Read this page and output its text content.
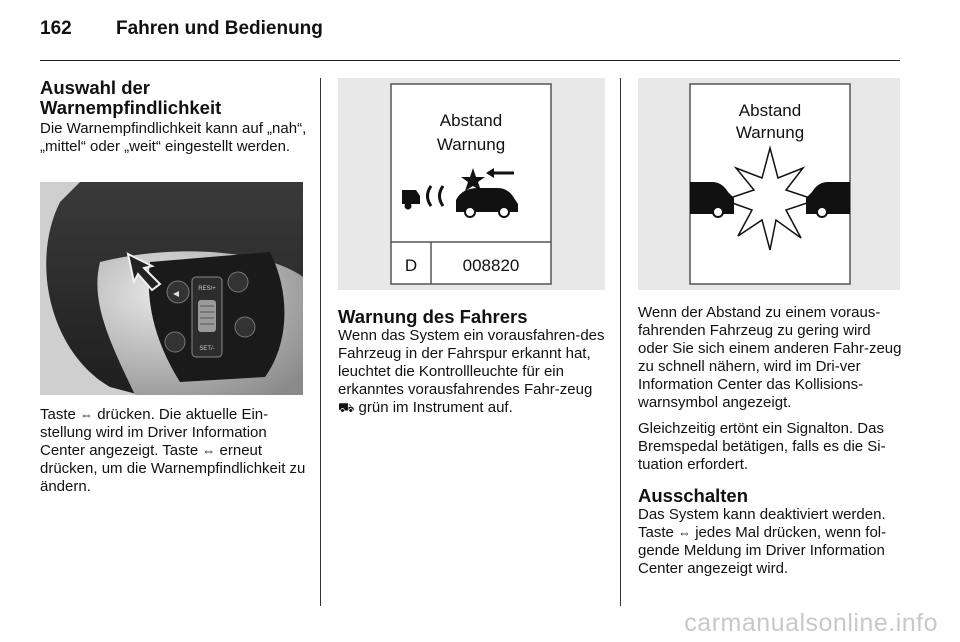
162	Fahren und Bedienung

Auswahl der Warnempfindlichkeit

Die Warnempfindlichkeit kann auf „nah“, „mittel“ oder „weit“ eingestellt werden.

RES/+
SET/-

Taste ⇔ drücken. Die aktuelle Ein-stellung wird im Driver Information Center angezeigt. Taste ⇔ erneut drücken, um die Warnempfindlichkeit zu ändern.

Abstand
Warnung
D	008820

Warnung des Fahrers

Wenn das System ein vorausfahren-des Fahrzeug in der Fahrspur erkannt hat, leuchtet die Kontrollleuchte für ein erkanntes vorausfahrendes Fahr-zeug ⛟ grün im Instrument auf.

Abstand
Warnung

Wenn der Abstand zu einem voraus-fahrenden Fahrzeug zu gering wird oder Sie sich einem anderen Fahr-zeug zu schnell nähern, wird im Dri-ver Information Center das Kollisions-warnsymbol angezeigt.

Gleichzeitig ertönt ein Signalton. Das Bremspedal betätigen, falls es die Si-tuation erfordert.

Ausschalten

Das System kann deaktiviert werden. Taste ⇔ jedes Mal drücken, wenn fol-gende Meldung im Driver Information Center angezeigt wird.

carmanualsonline.info
